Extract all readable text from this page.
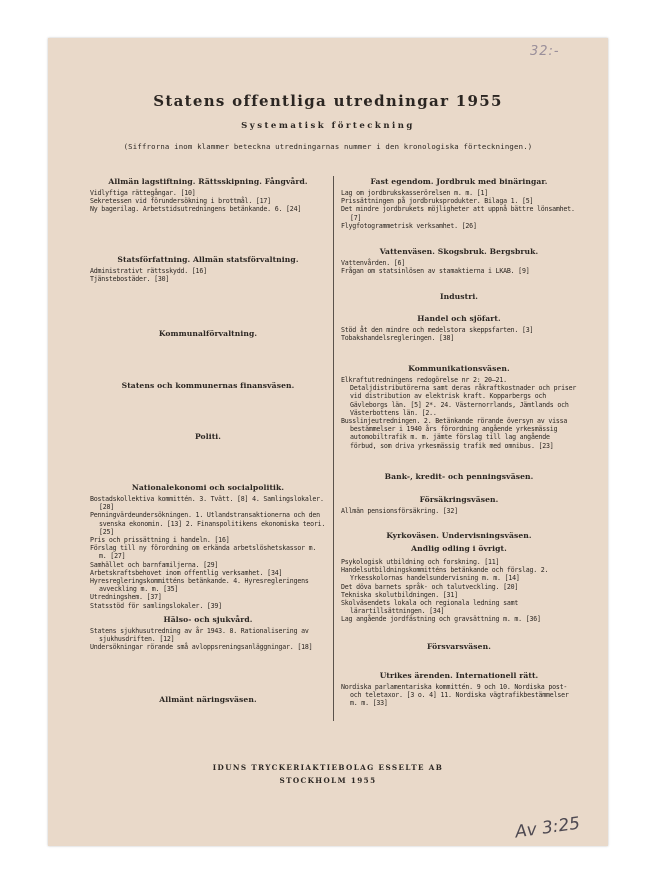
32:-
Av 3:25
Statens offentliga utredningar 1955
Systematisk förteckning
(Siffrorna inom klammer beteckna utredningarnas nummer i den kronologiska förteckningen.)
Allmän lagstiftning. Rättsskipning. Fångvård.
Vidlyftiga rättegångar. [10]
Sekretessen vid förundersökning i brottmål. [17]
Ny bagerilag. Arbetstidsutredningens betänkande. 6. [24]
Statsförfattning. Allmän statsförvaltning.
Administrativt rättsskydd. [16]
Tjänstebostäder. [30]
Kommunalförvaltning.
Statens och kommunernas finansväsen.
Politi.
Nationalekonomi och socialpolitik.
Bostadskollektiva kommittén. 3. Tvätt. [8] 4. Samlingslokaler. [28]
Penningvärdeundersökningen. 1. Utlandstransaktionerna och den svenska ekonomin. [13] 2. Finanspolitikens ekonomiska teori. [25]
Pris och prissättning i handeln. [16]
Förslag till ny förordning om erkända arbetslöshetskassor m. m. [27]
Samhället och barnfamiljerna. [29]
Arbetskraftsbehovet inom offentlig verksamhet. [34]
Hyresregleringskommitténs betänkande. 4. Hyresregleringens avveckling m. m. [35]
Utredningshem. [37]
Statsstöd för samlingslokaler. [39]
Hälso- och sjukvård.
Statens sjukhusutredning av år 1943. 8. Rationalisering av sjukhusdriften. [12]
Undersökningar rörande små avloppsreningsanläggningar. [18]
Allmänt näringsväsen.
Fast egendom. Jordbruk med binäringar.
Lag om jordbrukskasserörelsen m. m. [1]
Prissättningen på jordbruksprodukter. Bilaga 1. [5]
Det mindre jordbrukets möjligheter att uppnå bättre lönsamhet. [7]
Flygfotogrammetrisk verksamhet. [26]
Vattenväsen. Skogsbruk. Bergsbruk.
Vattenvården. [6]
Frågan om statsinlösen av stamaktierna i LKAB. [9]
Industri.
Handel och sjöfart.
Stöd åt den mindre och medelstora skeppsfarten. [3]
Tobakshandelsregleringen. [38]
Kommunikationsväsen.
Elkraftutredningens redogörelse nr 2: 20—21. Detaljdistributörerna samt deras råkraftkostnader och priser vid distribution av elektrisk kraft. Kopparbergs och Gävleborgs län. [5] 2*. 24. Västernorrlands, Jämtlands och Västerbottens län. [2..
Busslinjeutredningen. 2. Betänkande rörande översyn av vissa bestämmelser i 1940 års förordning angående yrkesmässig automobiltrafik m. m. jämte förslag till lag angående förbud, som driva yrkesmässig trafik med omnibus. [23]
Bank-, kredit- och penningsväsen.
Försäkringsväsen.
Allmän pensionsförsäkring. [32]
Kyrkoväsen. Undervisningsväsen. Andlig odling i övrigt.
Psykologisk utbildning och forskning. [11]
Handelsutbildningskommitténs betänkande och förslag. 2. Yrkesskolornas handelsundervisning m. m. [14]
Det döva barnets språk- och talutveckling. [20]
Tekniska skolutbildningen. [31]
Skolväsendets lokala och regionala ledning samt lärartillsättningen. [34]
Lag angående jordfästning och gravsättning m. m. [36]
Försvarsväsen.
Utrikes ärenden. Internationell rätt.
Nordiska parlamentariska kommittén. 9 och 10. Nordiska post- och teletaxor. [3 o. 4] 11. Nordiska vägtrafikbestämmelser m. m. [33]
IDUNS TRYCKERIAKTIEBOLAG ESSELTE AB
STOCKHOLM 1955
